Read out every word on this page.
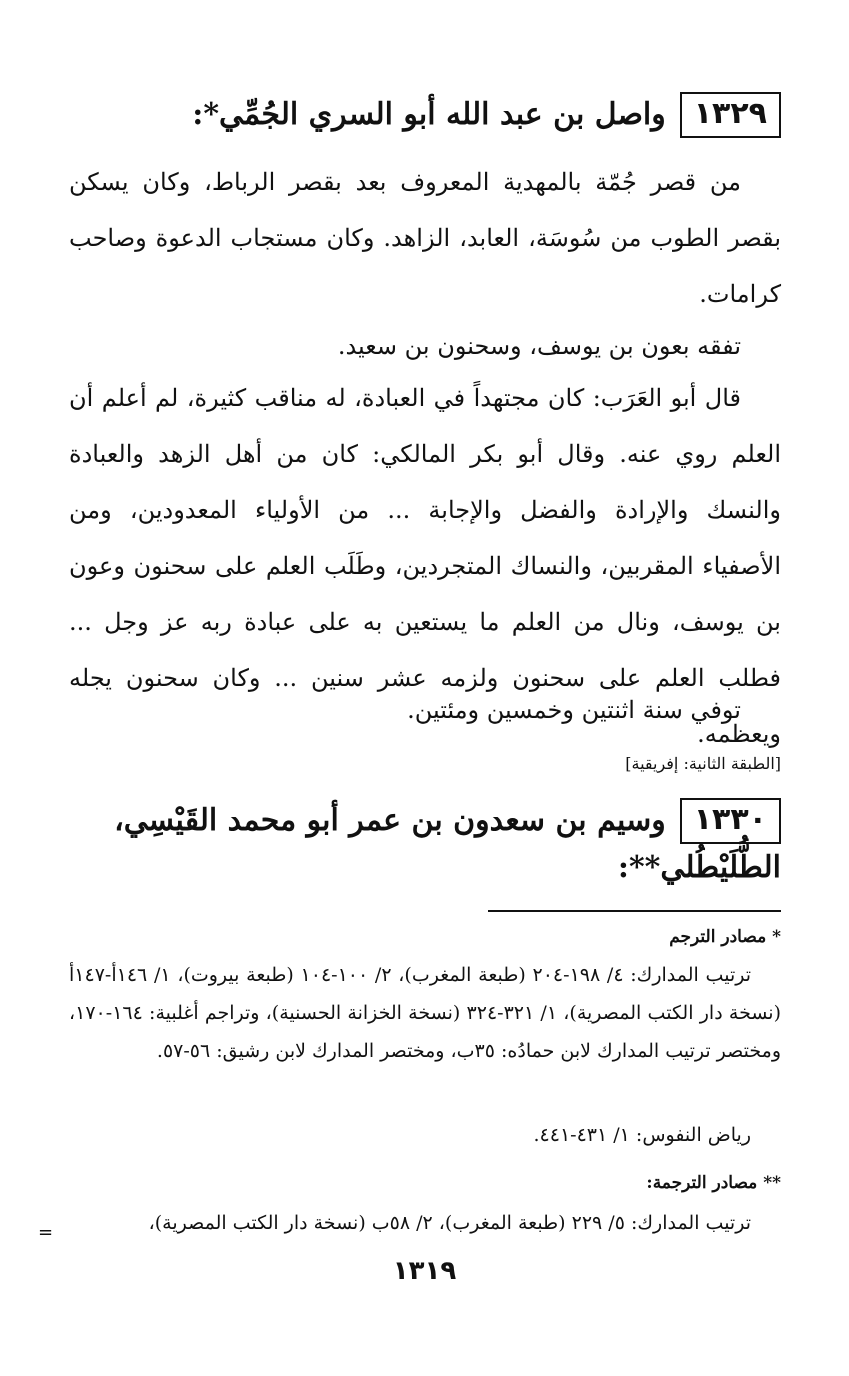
١٣٢٩
واصل بن عبد الله أبو السري الجُمِّي*:
من قصر جُمّة بالمهدية المعروف بعد بقصر الرباط، وكان يسكن بقصر الطوب من سُوسَة، العابد، الزاهد. وكان مستجاب الدعوة وصاحب كرامات.
تفقه بعون بن يوسف، وسحنون بن سعيد.
قال أبو العَرَب: كان مجتهداً في العبادة، له مناقب كثيرة، لم أعلم أن العلم روي عنه. وقال أبو بكر المالكي: كان من أهل الزهد والعبادة والنسك والإرادة والفضل والإجابة ... من الأولياء المعدودين، ومن الأصفياء المقربين، والنساك المتجردين، وطَلَب العلم على سحنون وعون بن يوسف، ونال من العلم ما يستعين به على عبادة ربه عز وجل ... فطلب العلم على سحنون ولزمه عشر سنين ... وكان سحنون يجله ويعظمه.
توفي سنة اثنتين وخمسين ومئتين.
[الطبقة الثانية: إفريقية]
١٣٣٠
وسيم بن سعدون بن عمر أبو محمد القَيْسِي،
الطُّلَيْطُلي**:
* مصادر الترجم
ترتيب المدارك: ٤/ ١٩٨-٢٠٤ (طبعة المغرب)، ٢/ ١٠٠-١٠٤ (طبعة بيروت)، ١/ ١٤٦أ-١٤٧أ (نسخة دار الكتب المصرية)، ١/ ٣٢١-٣٢٤ (نسخة الخزانة الحسنية)، وتراجم أغلبية: ١٦٤-١٧٠، ومختصر ترتيب المدارك لابن حمادُه: ٣٥ب، ومختصر المدارك لابن رشيق: ٥٦-٥٧.
رياض النفوس: ١/ ٤٣١-٤٤١.
** مصادر الترجمة:
ترتيب المدارك: ٥/ ٢٢٩ (طبعة المغرب)، ٢/ ٥٨ب (نسخة دار الكتب المصرية)،
=
١٣١٩
